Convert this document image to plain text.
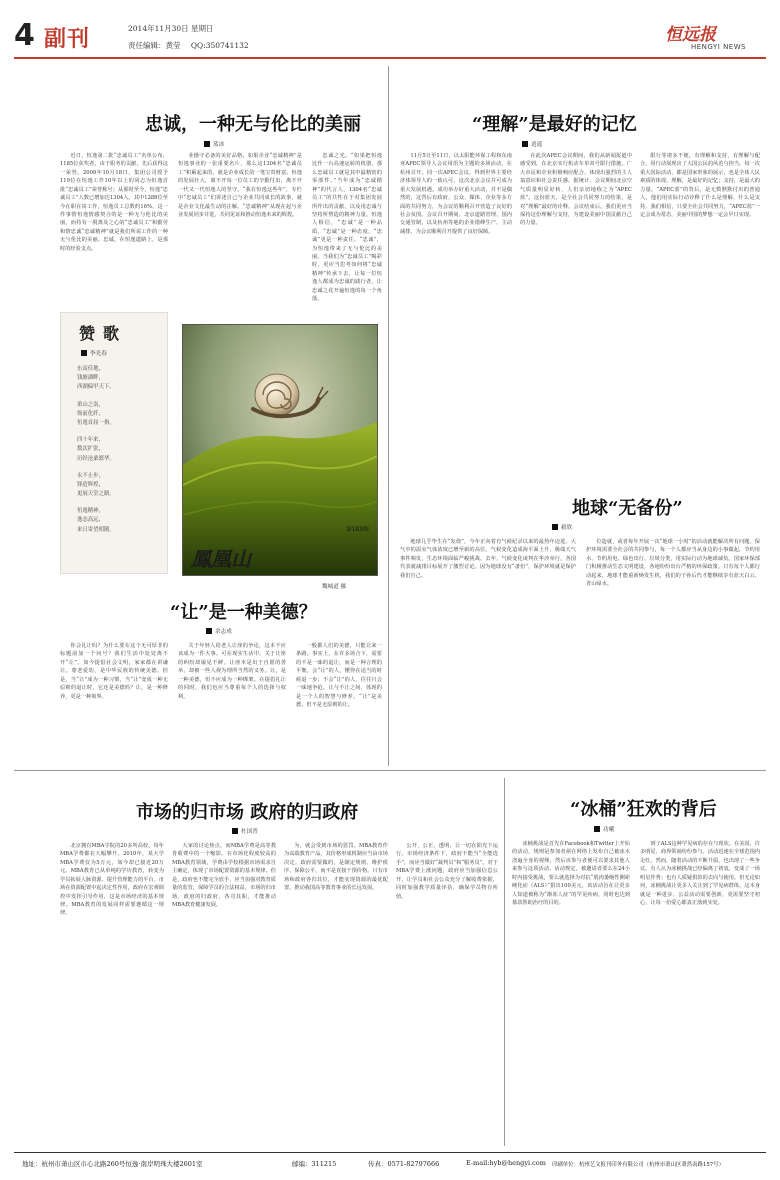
4 副刊	2014年11月30日 星期日
责任编辑：黄莹 QQ:350741132
恒远报
HENGYI NEWS
忠诚，一种无与伦比的美丽
蓝冰
近日，恒逸第二批“忠诚员工”名单公布，1185位获奖者，由于职务的贡献，先后获得这一荣誉。2009年10月18日，集团公司授予119位在恒逸工作10年以上的同志为恒逸首批“忠诚员工”荣誉称号；从那时至今，恒逸“忠诚员工”人数已增加达1304人。其中1288位至今在职在岗工作，恒逸员工总数约16%。这一件事情恒逸情感契合的是一种无与伦比的美丽，而持有一脱离及之心的“忠诚员工”和勤劳和情忠诚“忠诚精神”就是我们所说工作的一种无与伦比的美丽。忠诚，在恒逸道路上，是那时的经验支点。
业操守必备的美好品格。如果企业“忠诚精神”是恒逸事业的一张重要名片，那么这1304名“忠诚员工”积累起来的，就是企业成长的一笔宝贵财富。恒逸的发展壮大，离不开每一位员工的辛勤付出，离不开一代又一代恒逸人的坚守。“我在恒逸这些年”，专栏中“忠诚员工”们讲述自己与企业共同成长的故事，就是企业文化最生动的注解。“忠诚精神”从现在起与企业发展同步并进，共同见证和推动恒逸未来的辉煌。
忠诚之光。“如果把恒逸比作一台高速运转的机器，那么忠诚员工就是其中最精密的零部件。”当年成为“忠诚精神”的代言人，1304名“忠诚员工”的共性在于对集团发展所作出的贡献，以及用忠诚与坚持所塑造的精神力量。恒逸人相信，“忠诚”是一种品质，“忠诚”是一种态度，“忠诚”更是一种责任。“忠诚”，为恒逸带来了无与伦比的美丽。当我们为“忠诚员工”喝彩时，更应当思考如何将“忠诚精神”传承下去，让每一位恒逸人都成为忠诚的践行者，让忠诚之花开遍恒逸的每一个角落。
赞歌
李光春
东南佳地，
钱塘湖畔，
西湖偏甲天下。
萧山之南，
衙前化纤，
恒逸首屈一指。
四十年来，
数次扩张，
历经沧桑繁华。
永不止步，
锋造辉煌，
更展天堂之路。
恒逸精神，
逸态高远，
来日寄望相随。
鳳凰山
第183期
魏城道 摄
“理解”是最好的记忆
逍遥
11月5日至11日，以太阳能环保工程和东南亚APEC领导人会议用语为主题的多场活动，在杭州召开。同一次APEC会议，得到世界主要经济体领导人的一致认可，这次北京会议并可成为重大发展机遇。成功举办好重大活动，并不是偶然的，这背后有政府、公众、媒体、企业等多方面的共同努力，为会议的顺利召开营造了良好的社会氛围。会议召开期间，北京道路管理、国内交通管制，以及杭州等地的企业错峰生产、主动减排，为会议顺利召开提供了良好保障。
在此次APEC会议期间，我们从新闻报道中感受到，在北京实行机动车单双号限行措施，广大市民和企业积极响应配合，体现出强烈的主人翁意识和社会责任感。据统计，会议期间北京空气质量明显好转，人们亲切地称之为“APEC蓝”。这份蓝天，是全社会共同努力的结果，是对“理解”最好的诠释。会议结束后，我们更应当保持这份理解与支持，为建设美丽中国贡献自己的力量。
限行等诸多不便，有理解和支持，有理解与配合，用行动展现出了大国公民的风范与担当。每一次重大国际活动，都是国家形象的展示，也是全体人民素质的体现。理解，是最好的记忆；支持，是最大的力量。“APEC蓝”的背后，是无数默默付出的普通人，他们用实际行动诠释了什么是理解、什么是支持。我们相信，只要全社会共同努力，“APEC蓝”一定会成为常态，美丽中国的梦想一定会早日实现。
地球“无备份”
毅欣
地球几乎毕生在“发烧”，今年正向着有气候纪录以来的最热年迈进。大气中的温室气体浓度已增至新的高位。气候变化造成海平面上升，极端天气事件频发，生态环境面临严峻挑战。去年，气候变化谈判在华沙举行，各国代表就减排目标展开了激烈讨论。因为地球没有“备份”，保护环境就是保护我们自己。
位造就，或者每年开展一次“地球一小时”的活动就能解决所有问题。保护环境需要全社会的共同参与，每一个人都应当从身边的小事做起，节约用水、节约用电、绿色出行、垃圾分类，用实际行动为地球减负。国家环保部门积极推动生态文明建设，各地纷纷出台严格的环保政策。只有每个人都行动起来，地球才能重新焕发生机，我们的子孙后代才能继续享有蓝天白云、青山绿水。
“让”是一种美德？
余志成
你会礼让吗？为什么要在这个无可厚非的标题前加一个问号？我们生活中处处离不开“让”。如今提倡社会文明，家家都在讲谦让。尊老爱幼，是中华民族的传统美德。但是，当“让”成为一种习惯，当“让”变成一种无原则的退让时，它还是美德吗？让，是一种修养，更是一种境界。
关于年轻人给老人让座的争论，这本不应该成为一件大事。可在现实生活中，关于让座的纠纷却屡见不鲜。让座本是出于自愿的善举，却被一些人视为理所当然的义务。让，是一种美德，但不应成为一种绑架。在提倡礼让的同时，我们也应当尊重每个人的选择与权利。
一般都人们的美德，只能让来一条路。事实上，在许多场合下，需要的不是一味的退让，而是一种合理的平衡。会“让”的人，懂得在适当的时候退一步；不会“让”的人，往往只会一味地争抢。让与不让之间，体现的是一个人的智慧与修养。“让”是美德，但不是无原则的让。
“冰桶”狂欢的背后
功曦
冰桶挑战是首先在Facebook和Twitter上开始的活动，规则是参加者须在网络上发布自己被冰水浇遍全身的视频，然后该参与者便可以要求其他人来参与这项活动。活动规定，被邀请者要么在24小时内接受挑战，要么就选择为对抗“肌肉萎缩性侧索硬化症（ALS）”捐出100美元。该活动旨在让更多人知道被称为“渐冻人症”的罕见疾病，同时也达到募款帮助治疗的目的。
到了ALS这种罕见病的存在与现状。在美国，许多明星、商界领袖纷纷参与，活动迅速在全球范围内走红。然而，随着活动的不断升温，也出现了一些争议。有人认为冰桶挑战已经偏离了初衷，变成了一场明星作秀；也有人质疑捐款的去向与使用。但无论如何，冰桶挑战让更多人关注到了罕见病群体，这本身就是一种进步。公益活动需要创新，更需要坚守初心，让每一份爱心都真正落到实处。
市场的归市场 政府的归政府
杜国普
北京拥有MBA学院的20多所高校，每年MBA学费都在大幅攀升。2010年，某大学MBA学费仅为5万元，如今却已接近20万元。MBA教育已从单纯的学历教育，转变为学员拓展人脉资源、提升管理能力的平台。市场在资源配置中起决定性作用，政府在宏观调控中发挥引导作用，这是市场经济的基本规律。MBA教育的发展同样需要遵循这一规律。
大家的讨论焦点，而MBA学费是高等教育收费中的一个缩影。在市场化程度较高的MBA教育领域，学费由学校根据市场需求自主确定，体现了市场配置资源的基本规律。但是，政府也不能完全放手，应当加强对教育质量的监管，保障学员的合法权益。市场的归市场，政府的归政府，各司其职，才能推动MBA教育健康发展。
为，就会受到市场的惩罚。MBA教育作为高端教育产品，其价格形成机制应当由市场决定。政府需要做的，是制定规则、维护秩序、保障公平，而不是直接干预价格。只有市场和政府各归其位，才能实现资源的最优配置，推动我国高等教育事业的长远发展。
公开，公正，透明，让一切在阳光下运行。市场经济条件下，政府不能当“全能选手”，而应当做好“裁判员”和“服务员”。对于MBA学费上涨问题，政府应当加强信息公开，让学员和社会公众充分了解收费依据，同时加强教学质量评估，确保学员物有所值。
地址：杭州市萧山区市心北路260号恒逸·南岸明珠大楼2601室	邮编：311215	传真：0571-82797666	E-mail:hyb@hengyi.com 印刷单位：杭州艺文报刊印务有限公司（杭州市萧山区萧然南路157号）
